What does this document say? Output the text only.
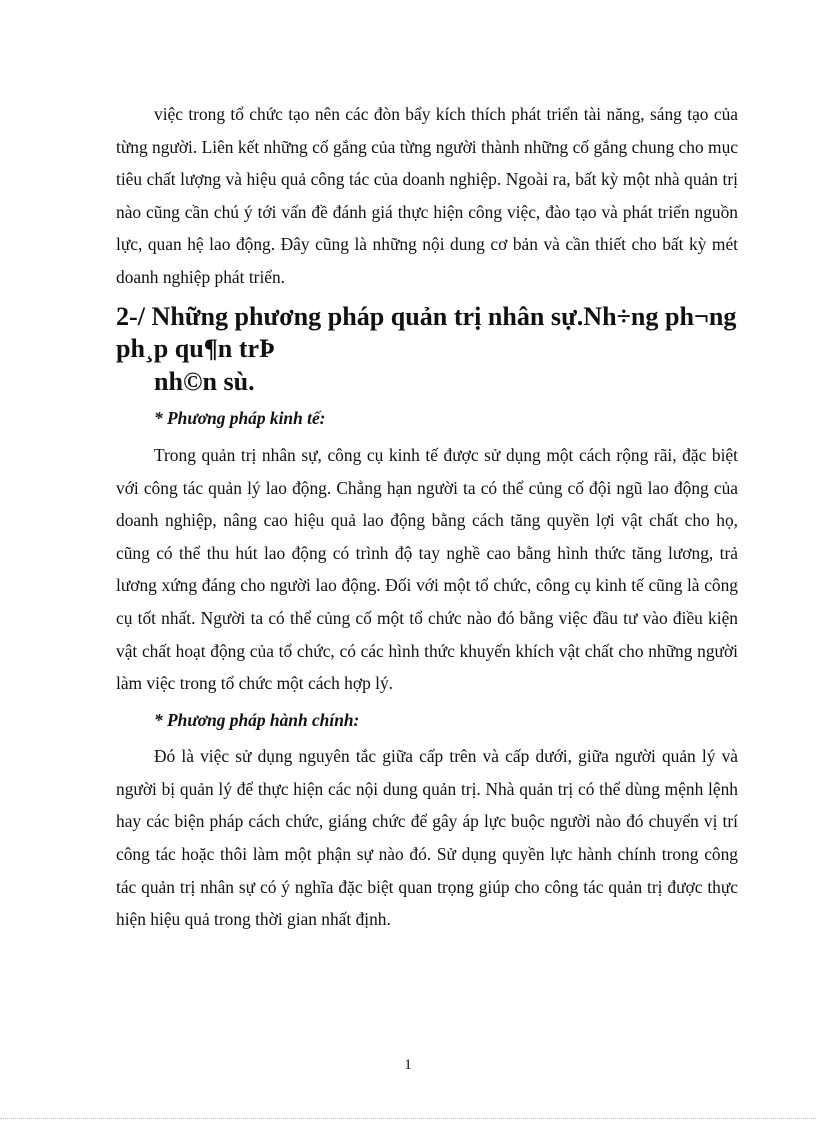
việc trong tổ chức tạo nên các đòn bẩy kích thích phát triển tài năng, sáng tạo của từng người. Liên kết những cố gắng của từng người thành những cố gắng chung cho mục tiêu chất lượng và hiệu quả công tác của doanh nghiệp. Ngoài ra, bất kỳ một nhà quản trị nào cũng cần chú ý tới vấn đề đánh giá thực hiện công việc, đào tạo và phát triển nguồn lực, quan hệ lao động. Đây cũng là những nội dung cơ bản và cần thiết cho bất kỳ mét doanh nghiệp phát triển.

2-/ Những phương pháp quản trị nhân sự.Nh÷ng ph¬ng ph¸p qu¶n trÞ
nh©n sù.
* Phương pháp kinh tế:

Trong quản trị nhân sự, công cụ kinh tế được sử dụng một cách rộng rãi, đặc biệt với công tác quản lý lao động. Chẳng hạn người ta có thể củng cố đội ngũ lao động của doanh nghiệp, nâng cao hiệu quả lao động bằng cách tăng quyền lợi vật chất cho họ, cũng có thể thu hút lao động có trình độ tay nghề cao bằng hình thức tăng lương, trả lương xứng đáng cho người lao động. Đối với một tổ chức, công cụ kinh tế cũng là công cụ tốt nhất. Người ta có thể củng cố một tổ chức nào đó bằng việc đầu tư vào điều kiện vật chất hoạt động của tổ chức, có các hình thức khuyến khích vật chất cho những người làm việc trong tổ chức một cách hợp lý.

* Phương pháp hành chính:

Đó là việc sử dụng nguyên tắc giữa cấp trên và cấp dưới, giữa người quản lý và người bị quản lý để thực hiện các nội dung quản trị. Nhà quản trị có thể dùng mệnh lệnh hay các biện pháp cách chức, giáng chức để gây áp lực buộc người nào đó chuyển vị trí công tác hoặc thôi làm một phận sự nào đó. Sử dụng quyền lực hành chính trong công tác quản trị nhân sự có ý nghĩa đặc biệt quan trọng giúp cho công tác quản trị được thực hiện hiệu quả trong thời gian nhất định.

1
